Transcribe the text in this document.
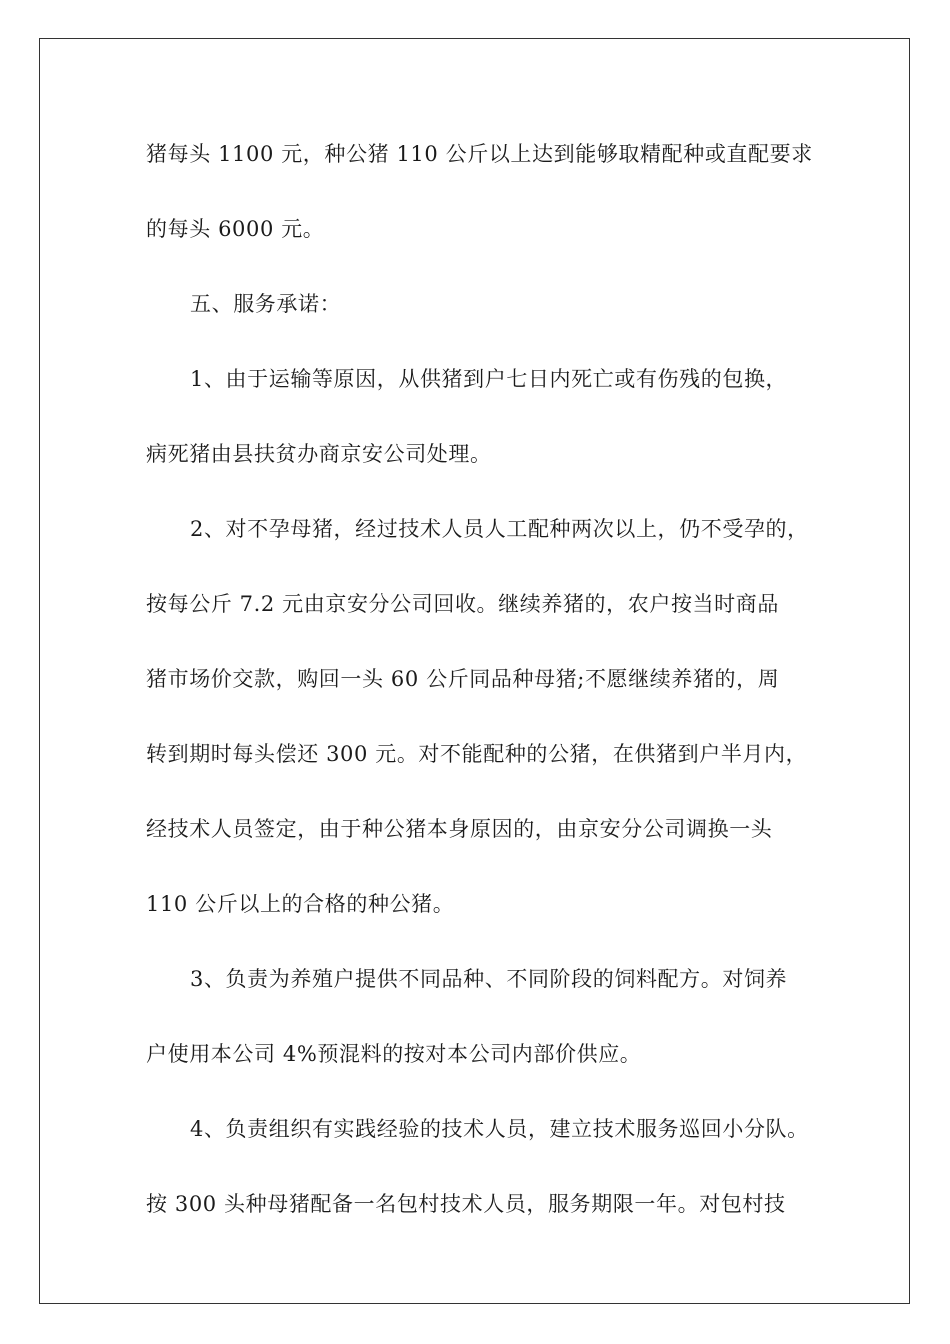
猪每头 1100 元，种公猪 110 公斤以上达到能够取精配种或直配要求
的每头 6000 元。
五、服务承诺：
1、由于运输等原因，从供猪到户七日内死亡或有伤残的包换，
病死猪由县扶贫办商京安公司处理。
2、对不孕母猪，经过技术人员人工配种两次以上，仍不受孕的，
按每公斤 7.2 元由京安分公司回收。继续养猪的，农户按当时商品
猪市场价交款，购回一头 60 公斤同品种母猪;不愿继续养猪的，周
转到期时每头偿还 300 元。对不能配种的公猪，在供猪到户半月内，
经技术人员签定，由于种公猪本身原因的，由京安分公司调换一头
110 公斤以上的合格的种公猪。
3、负责为养殖户提供不同品种、不同阶段的饲料配方。对饲养
户使用本公司 4%预混料的按对本公司内部价供应。
4、负责组织有实践经验的技术人员，建立技术服务巡回小分队。
按 300 头种母猪配备一名包村技术人员，服务期限一年。对包村技
